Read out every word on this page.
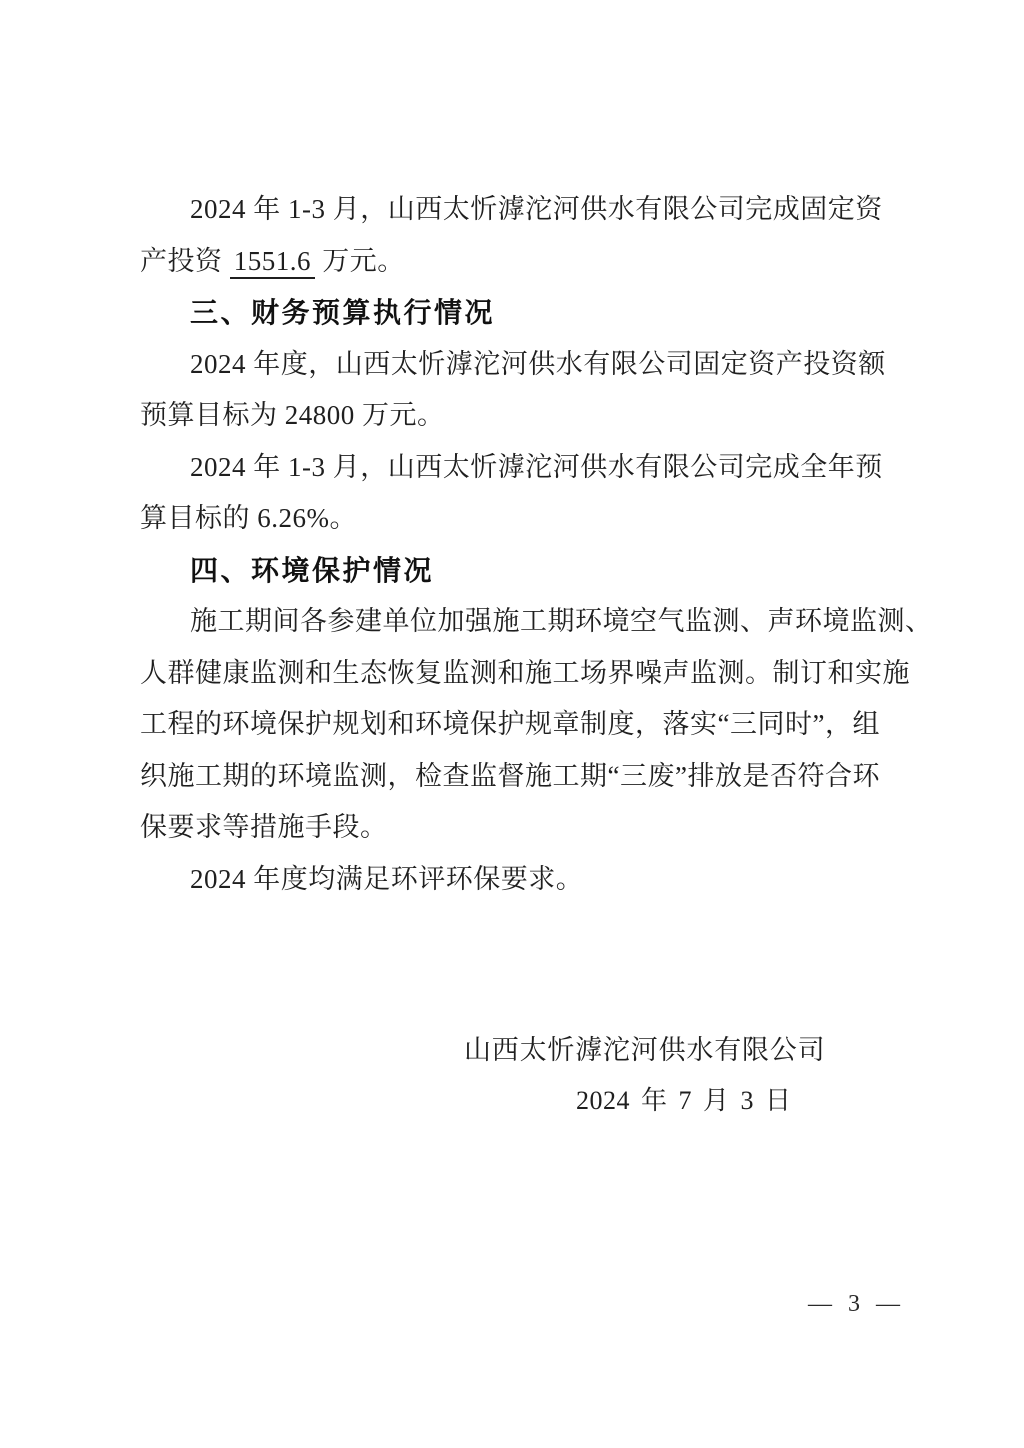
2024 年 1-3 月，山西太忻滹沱河供水有限公司完成固定资
产投资 1551.6 万元。
三、财务预算执行情况
2024 年度，山西太忻滹沱河供水有限公司固定资产投资额
预算目标为 24800 万元。
2024 年 1-3 月，山西太忻滹沱河供水有限公司完成全年预
算目标的 6.26%。
四、环境保护情况
施工期间各参建单位加强施工期环境空气监测、声环境监测、
人群健康监测和生态恢复监测和施工场界噪声监测。制订和实施
工程的环境保护规划和环境保护规章制度，落实“三同时”，组
织施工期的环境监测，检查监督施工期“三废”排放是否符合环
保要求等措施手段。
2024 年度均满足环评环保要求。
山西太忻滹沱河供水有限公司
2024 年 7 月 3 日
— 3 —
